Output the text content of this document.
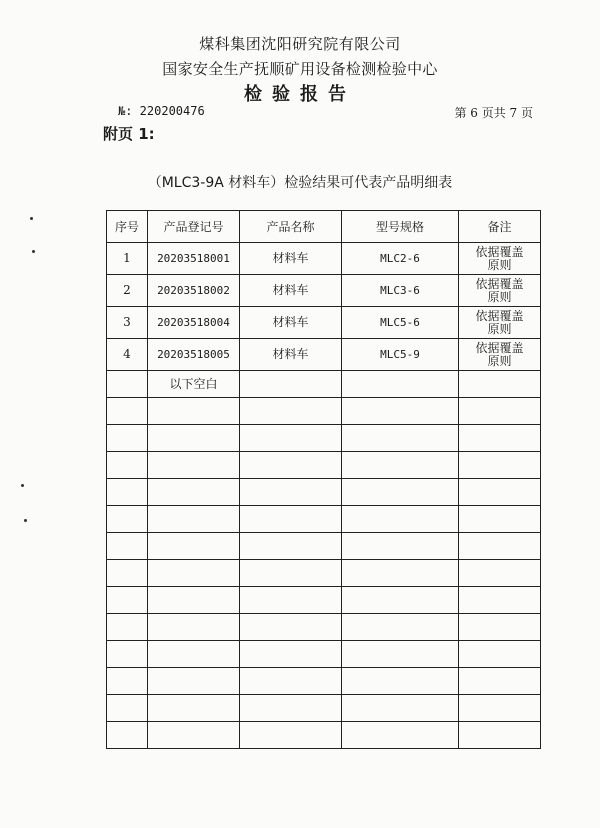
煤科集团沈阳研究院有限公司
国家安全生产抚顺矿用设备检测检验中心
检验报告
№: 220200476	第 6 页共 7 页
附页 1:
（MLC3-9A 材料车）检验结果可代表产品明细表
序号	产品登记号	产品名称	型号规格	备注
1	20203518001	材料车	MLC2-6	依据覆盖
原则
2	20203518002	材料车	MLC3-6	依据覆盖
原则
3	20203518004	材料车	MLC5-6	依据覆盖
原则
4	20203518005	材料车	MLC5-9	依据覆盖
原则
	以下空白			
